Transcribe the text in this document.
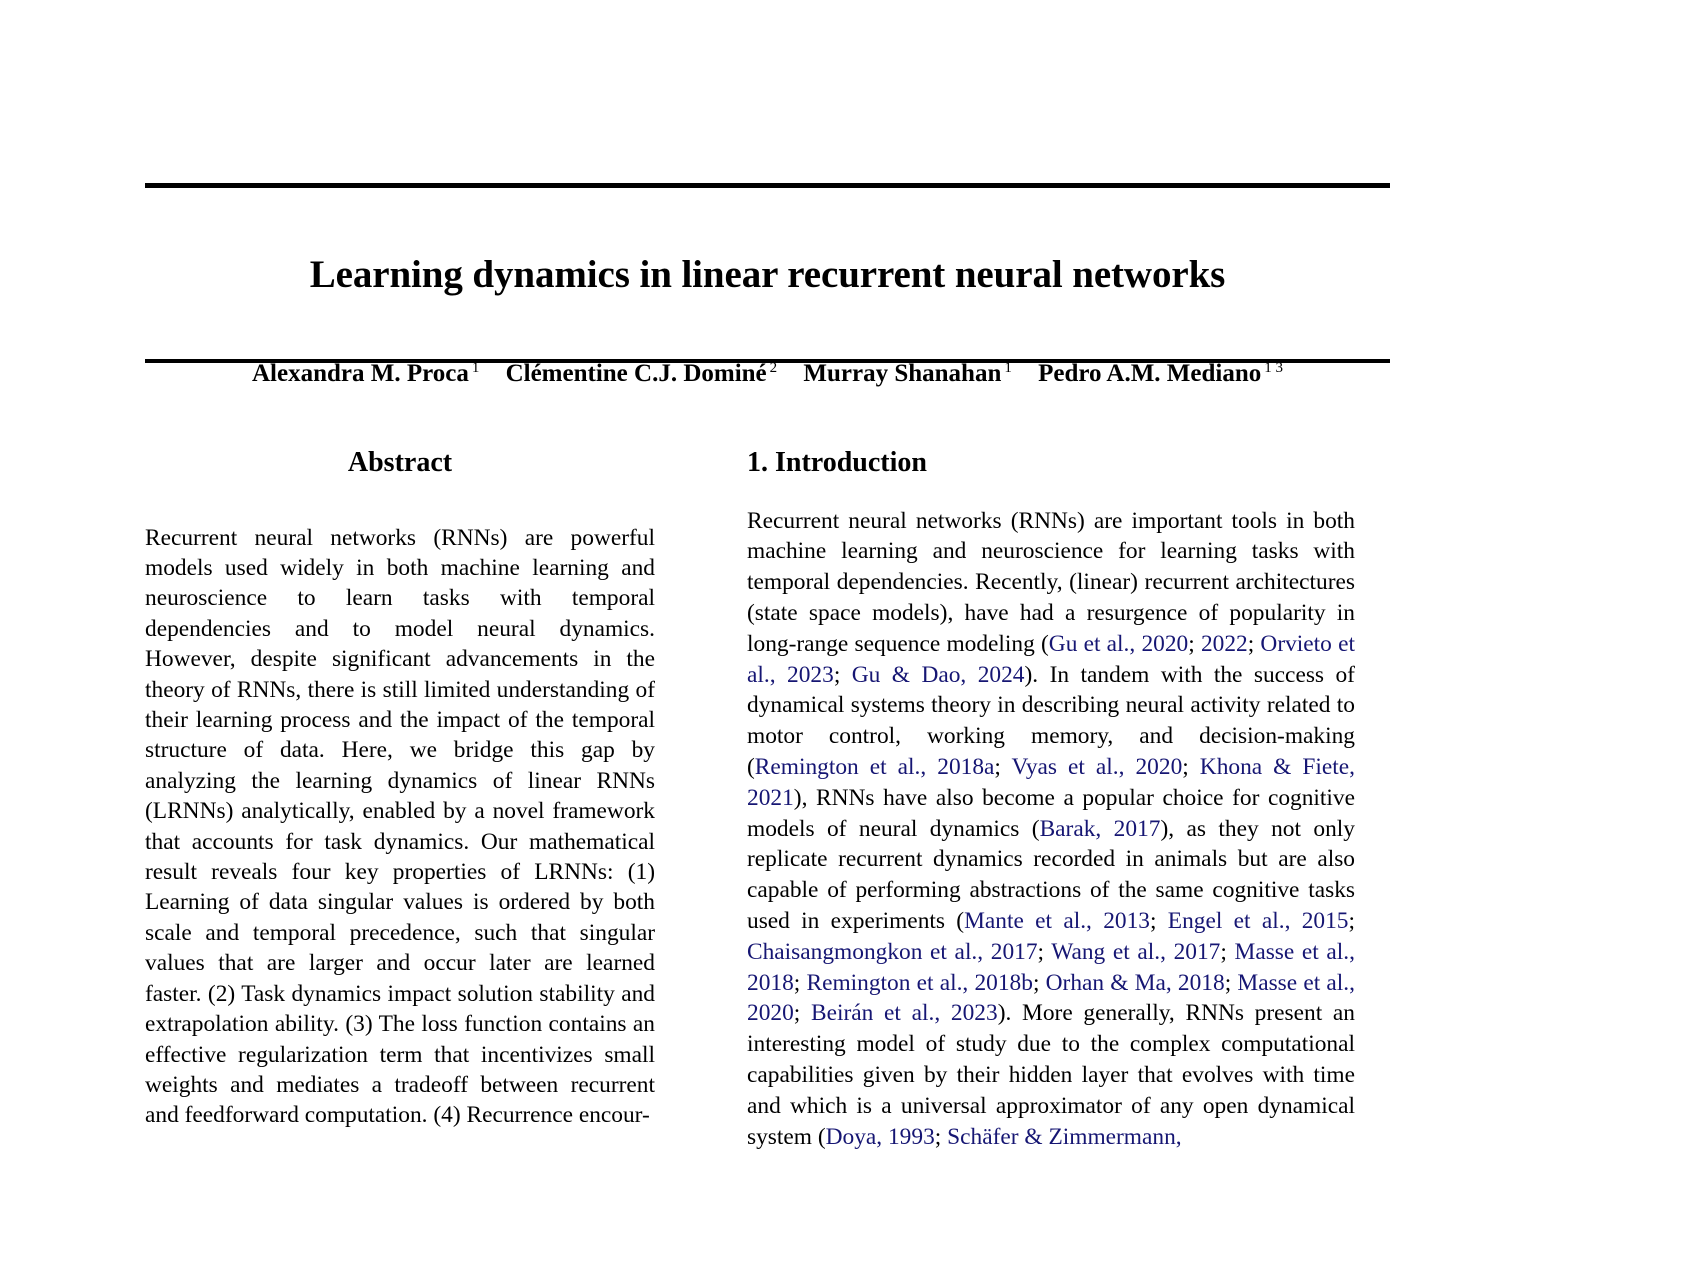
Learning dynamics in linear recurrent neural networks
Alexandra M. Proca $^1$ Clémentine C.J. Dominé $^2$ Murray Shanahan $^1$ Pedro A.M. Mediano $^{1 3}$
Abstract

Recurrent neural networks (RNNs) are powerful models used widely in both machine learning and neuroscience to learn tasks with temporal dependencies and to model neural dynamics. However, despite significant advancements in the theory of RNNs, there is still limited understanding of their learning process and the impact of the temporal structure of data. Here, we bridge this gap by analyzing the learning dynamics of linear RNNs (LRNNs) analytically, enabled by a novel framework that accounts for task dynamics. Our mathematical result reveals four key properties of LRNNs: (1) Learning of data singular values is ordered by both scale and temporal precedence, such that singular values that are larger and occur later are learned faster. (2) Task dynamics impact solution stability and extrapolation ability. (3) The loss function contains an effective regularization term that incentivizes small weights and mediates a tradeoff between recurrent and feedforward computation. (4) Recurrence encour-

1. Introduction

Recurrent neural networks (RNNs) are important tools in both machine learning and neuroscience for learning tasks with temporal dependencies. Recently, (linear) recurrent architectures (state space models), have had a resurgence of popularity in long-range sequence modeling (Gu et al., 2020; 2022; Orvieto et al., 2023; Gu & Dao, 2024). In tandem with the success of dynamical systems theory in describing neural activity related to motor control, working memory, and decision-making (Remington et al., 2018a; Vyas et al., 2020; Khona & Fiete, 2021), RNNs have also become a popular choice for cognitive models of neural dynamics (Barak, 2017), as they not only replicate recurrent dynamics recorded in animals but are also capable of performing abstractions of the same cognitive tasks used in experiments (Mante et al., 2013; Engel et al., 2015; Chaisangmongkon et al., 2017; Wang et al., 2017; Masse et al., 2018; Remington et al., 2018b; Orhan & Ma, 2018; Masse et al., 2020; Beirán et al., 2023). More generally, RNNs present an interesting model of study due to the complex computational capabilities given by their hidden layer that evolves with time and which is a universal approximator of any open dynamical system (Doya, 1993; Schäfer & Zimmermann,
